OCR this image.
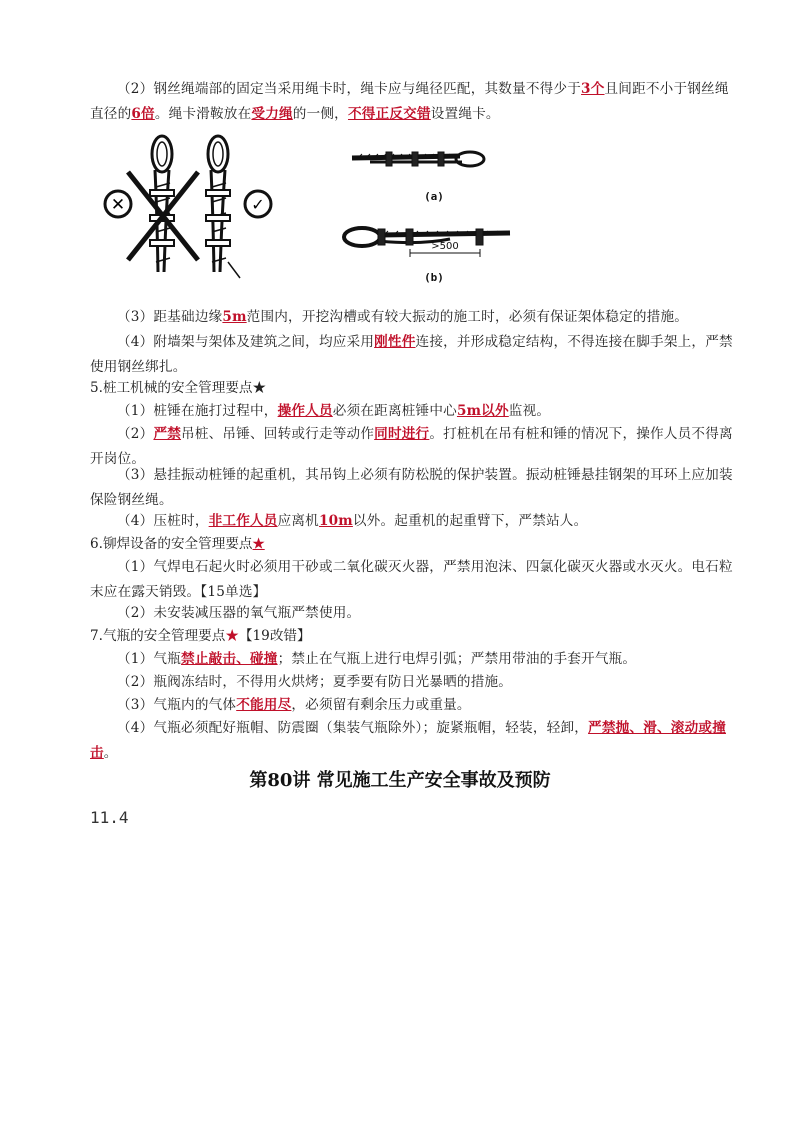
（2）钢丝绳端部的固定当采用绳卡时，绳卡应与绳径匹配，其数量不得少于3个且间距不小于钢丝绳直径的6倍。绳卡滑鞍放在受力绳的一侧，不得正反交错设置绳卡。
✕	✓	(a)
>500
(b)
（3）距基础边缘5m范围内，开挖沟槽或有较大振动的施工时，必须有保证架体稳定的措施。
（4）附墙架与架体及建筑之间，均应采用刚性件连接，并形成稳定结构，不得连接在脚手架上，严禁使用钢丝绑扎。
5.桩工机械的安全管理要点★
（1）桩锤在施打过程中，操作人员必须在距离桩锤中心5m以外监视。
（2）严禁吊桩、吊锤、回转或行走等动作同时进行。打桩机在吊有桩和锤的情况下，操作人员不得离开岗位。
（3）悬挂振动桩锤的起重机，其吊钩上必须有防松脱的保护装置。振动桩锤悬挂钢架的耳环上应加装保险钢丝绳。
（4）压桩时，非工作人员应离机10m以外。起重机的起重臂下，严禁站人。
6.铆焊设备的安全管理要点★
（1）气焊电石起火时必须用干砂或二氧化碳灭火器，严禁用泡沫、四氯化碳灭火器或水灭火。电石粒末应在露天销毁。【15单选】
（2）未安装减压器的氧气瓶严禁使用。
7.气瓶的安全管理要点★【19改错】
（1）气瓶禁止敲击、碰撞；禁止在气瓶上进行电焊引弧；严禁用带油的手套开气瓶。
（2）瓶阀冻结时，不得用火烘烤；夏季要有防日光暴晒的措施。
（3）气瓶内的气体不能用尽，必须留有剩余压力或重量。
（4）气瓶必须配好瓶帽、防震圈（集装气瓶除外）；旋紧瓶帽，轻装，轻卸，严禁抛、滑、滚动或撞击。
第80讲 常见施工生产安全事故及预防
11.4
